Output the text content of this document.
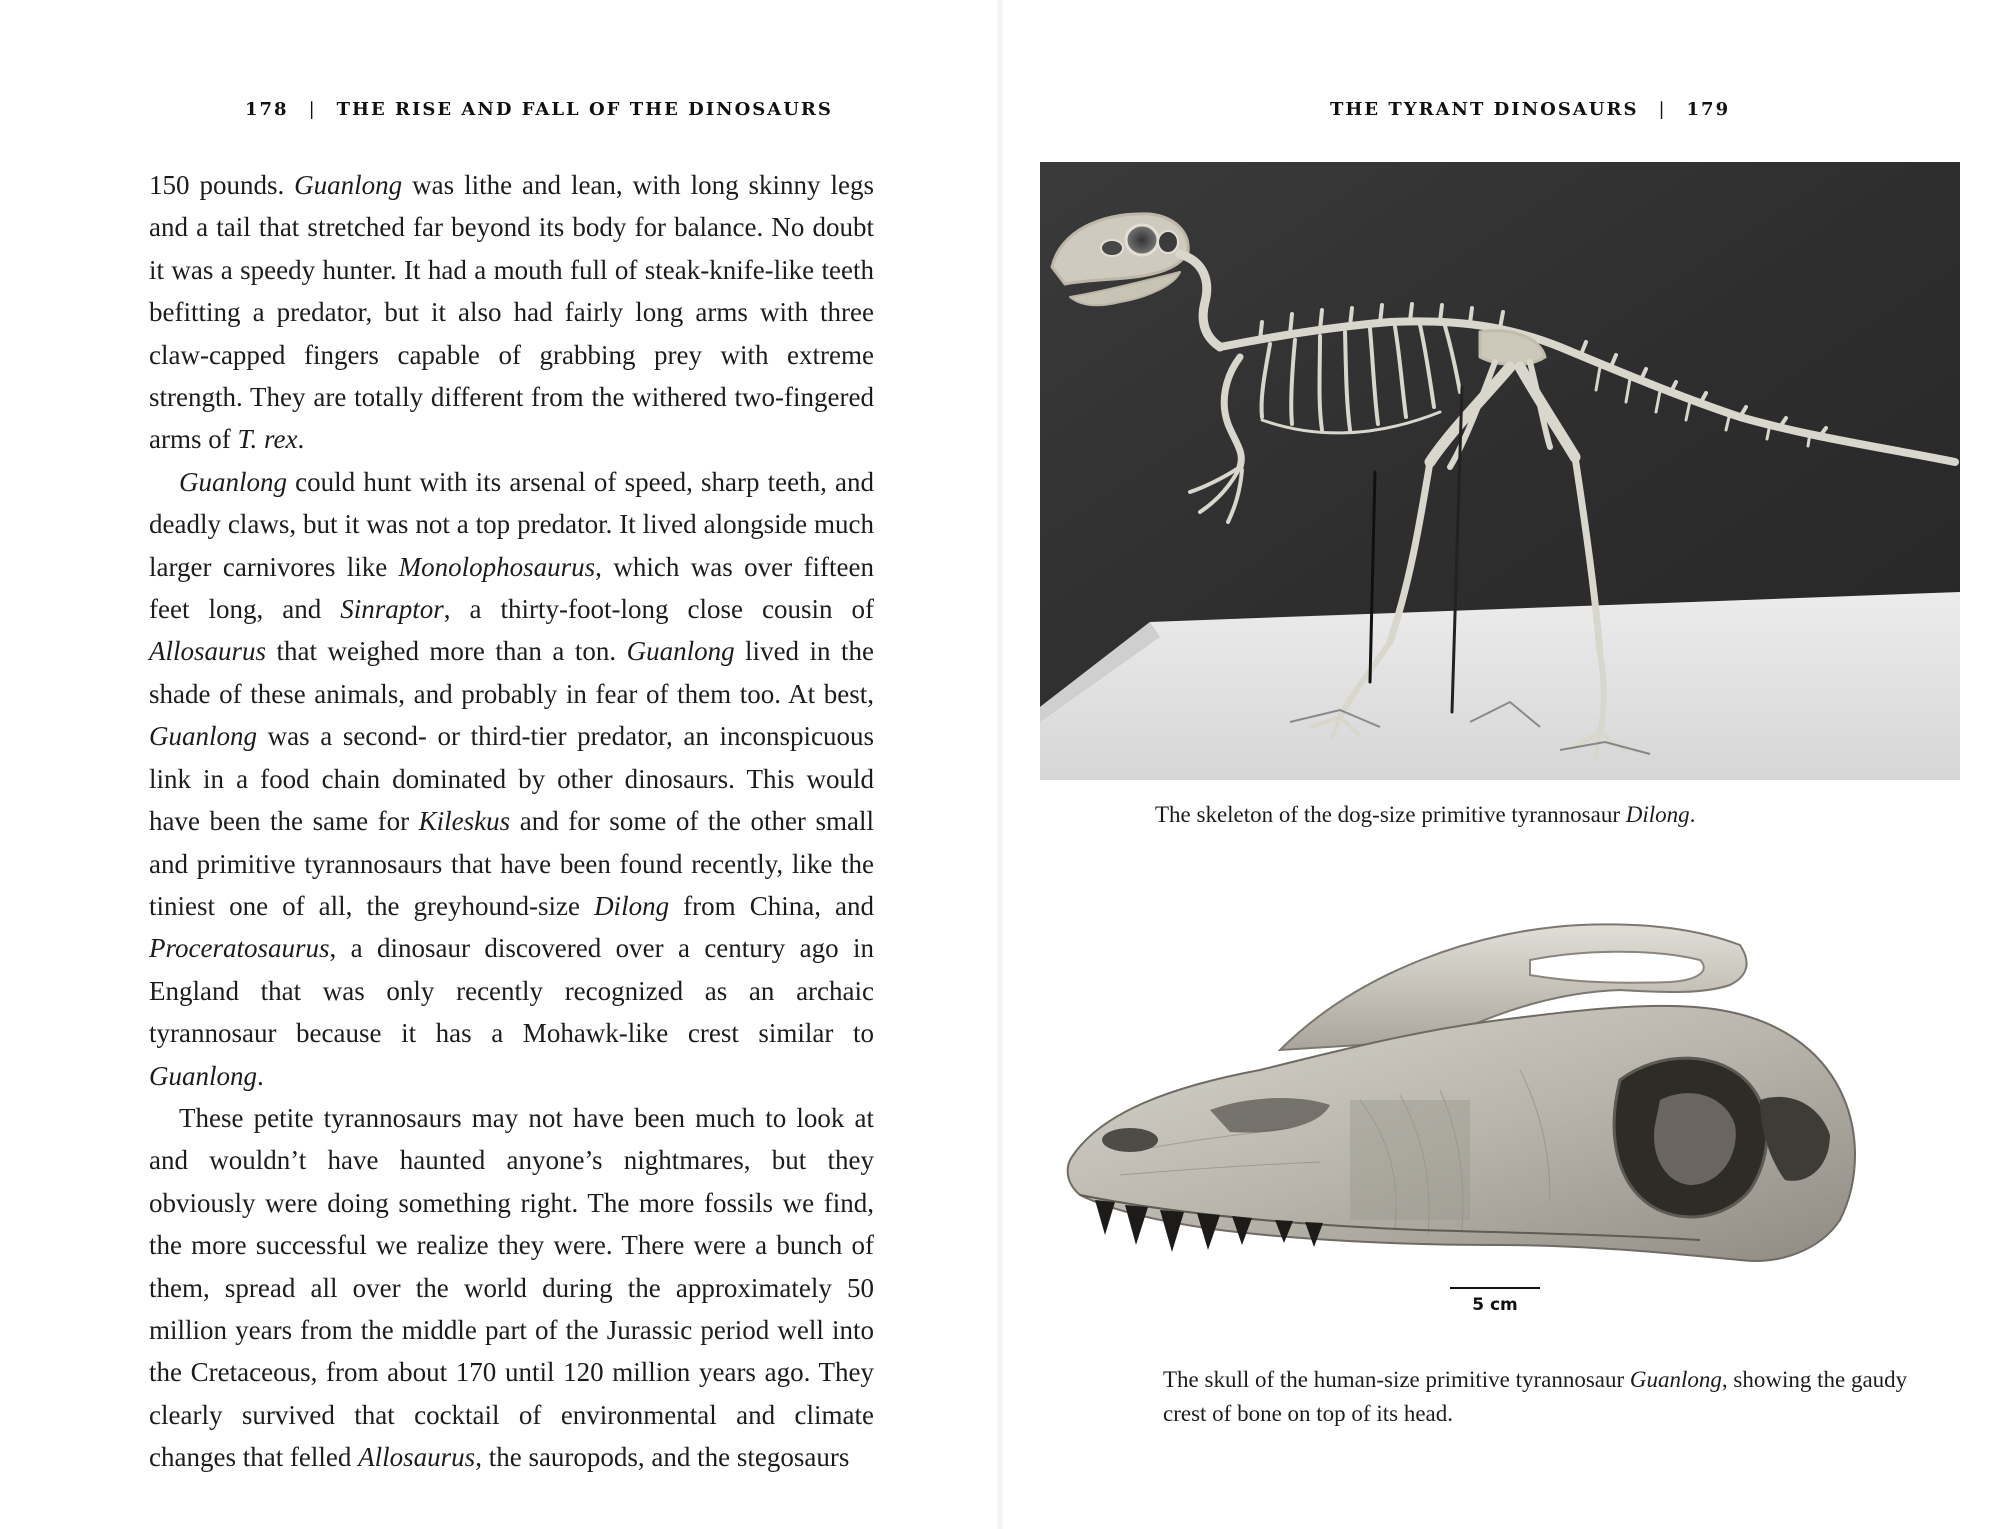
178 | THE RISE AND FALL OF THE DINOSAURS

150 pounds. Guanlong was lithe and lean, with long skinny legs and a tail that stretched far beyond its body for balance. No doubt it was a speedy hunter. It had a mouth full of steak-knife-like teeth befitting a predator, but it also had fairly long arms with three claw-capped fingers capable of grabbing prey with extreme strength. They are totally different from the withered two-fingered arms of T. rex.

Guanlong could hunt with its arsenal of speed, sharp teeth, and deadly claws, but it was not a top predator. It lived alongside much larger carnivores like Monolophosaurus, which was over fifteen feet long, and Sinraptor, a thirty-foot-long close cousin of Allosaurus that weighed more than a ton. Guanlong lived in the shade of these animals, and probably in fear of them too. At best, Guanlong was a second- or third-tier predator, an inconspicuous link in a food chain dominated by other dinosaurs. This would have been the same for Kileskus and for some of the other small and primitive tyrannosaurs that have been found recently, like the tiniest one of all, the greyhound-size Dilong from China, and Proceratosaurus, a dinosaur discovered over a century ago in England that was only recently recognized as an archaic tyrannosaur because it has a Mohawk-like crest similar to Guanlong.

These petite tyrannosaurs may not have been much to look at and wouldn’t have haunted anyone’s nightmares, but they obviously were doing something right. The more fossils we find, the more successful we realize they were. There were a bunch of them, spread all over the world during the approximately 50 million years from the middle part of the Jurassic period well into the Cretaceous, from about 170 until 120 million years ago. They clearly survived that cocktail of environmental and climate changes that felled Allosaurus, the sauropods, and the stegosaurs

THE TYRANT DINOSAURS | 179
The skeleton of the dog-size primitive tyrannosaur Dilong.
5 cm
The skull of the human-size primitive tyrannosaur Guanlong, showing the gaudy crest of bone on top of its head.
